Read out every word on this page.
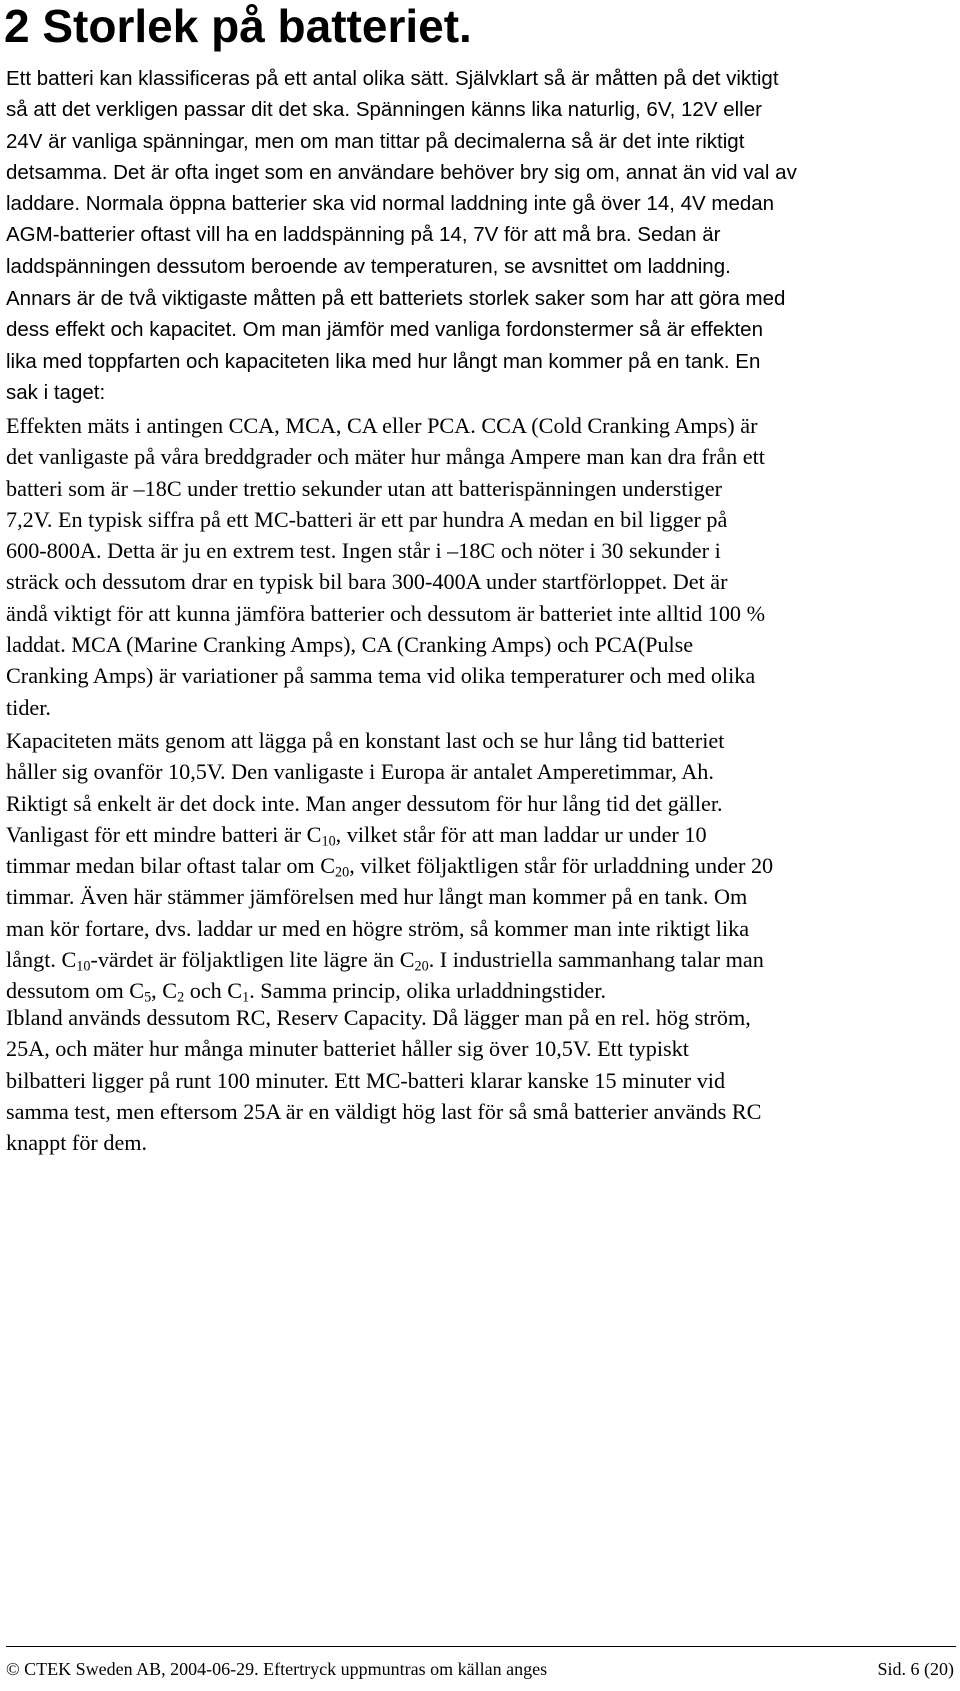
2 Storlek på batteriet.
Ett batteri kan klassificeras på ett antal olika sätt. Självklart så är måtten på det viktigt
så att det verkligen passar dit det ska. Spänningen känns lika naturlig, 6V, 12V eller
24V är vanliga spänningar, men om man tittar på decimalerna så är det inte riktigt
detsamma. Det är ofta inget som en användare behöver bry sig om, annat än vid val av
laddare. Normala öppna batterier ska vid normal laddning inte gå över 14, 4V medan
AGM-batterier oftast vill ha en laddspänning på 14, 7V för att må bra. Sedan är
laddspänningen dessutom beroende av temperaturen, se avsnittet om laddning.
Annars är de två viktigaste måtten på ett batteriets storlek saker som har att göra med
dess effekt och kapacitet. Om man jämför med vanliga fordonstermer så är effekten
lika med toppfarten och kapaciteten lika med hur långt man kommer på en tank. En
sak i taget:
Effekten mäts i antingen CCA, MCA, CA eller PCA. CCA (Cold Cranking Amps) är
det vanligaste på våra breddgrader och mäter hur många Ampere man kan dra från ett
batteri som är –18C under trettio sekunder utan att batterispänningen understiger
7,2V. En typisk siffra på ett MC-batteri är ett par hundra A medan en bil ligger på
600-800A. Detta är ju en extrem test. Ingen står i –18C och nöter i 30 sekunder i
sträck och dessutom drar en typisk bil bara 300-400A under startförloppet. Det är
ändå viktigt för att kunna jämföra batterier och dessutom är batteriet inte alltid 100 %
laddat. MCA (Marine Cranking Amps), CA (Cranking Amps) och PCA(Pulse
Cranking Amps) är variationer på samma tema vid olika temperaturer och med olika
tider.
Kapaciteten mäts genom att lägga på en konstant last och se hur lång tid batteriet
håller sig ovanför 10,5V. Den vanligaste i Europa är antalet Amperetimmar, Ah.
Riktigt så enkelt är det dock inte. Man anger dessutom för hur lång tid det gäller.
Vanligast för ett mindre batteri är $C_{10}$, vilket står för att man laddar ur under 10
timmar medan bilar oftast talar om $C_{20}$, vilket följaktligen står för urladdning under 20
timmar. Även här stämmer jämförelsen med hur långt man kommer på en tank. Om
man kör fortare, dvs. laddar ur med en högre ström, så kommer man inte riktigt lika
långt. $C_{10}$-värdet är följaktligen lite lägre än $C_{20}$. I industriella sammanhang talar man
dessutom om $C_5$, $C_2$ och $C_1$. Samma princip, olika urladdningstider.
Ibland används dessutom RC, Reserv Capacity. Då lägger man på en rel. hög ström,
25A, och mäter hur många minuter batteriet håller sig över 10,5V. Ett typiskt
bilbatteri ligger på runt 100 minuter. Ett MC-batteri klarar kanske 15 minuter vid
samma test, men eftersom 25A är en väldigt hög last för så små batterier används RC
knappt för dem.
© CTEK Sweden AB, 2004-06-29. Eftertryck uppmuntras om källan anges	Sid. 6 (20)
